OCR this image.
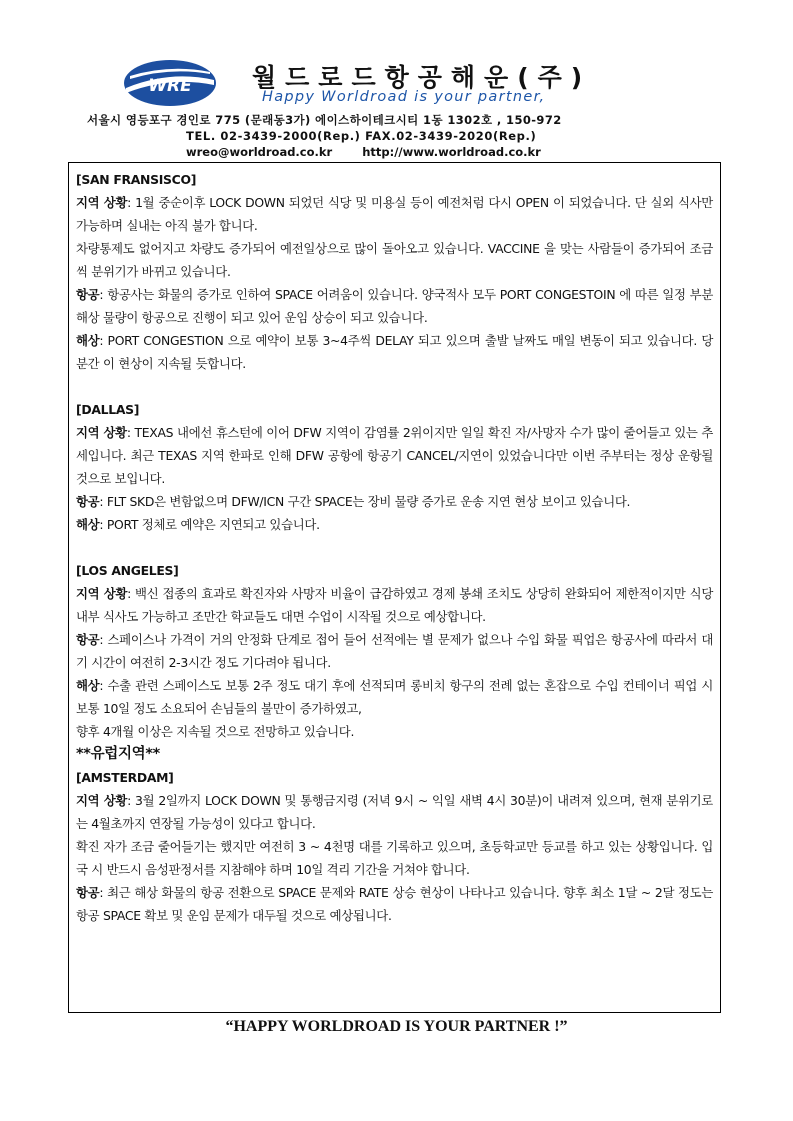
WRE 월드로드항공해운(주)
Happy Worldroad is your partner,
서울시 영등포구 경인로 775 (문래동3가) 에이스하이테크시티 1동 1302호 , 150-972
TEL. 02-3439-2000(Rep.) FAX.02-3439-2020(Rep.)
wreo@worldroad.co.kr	http://www.worldroad.co.kr

[SAN FRANSISCO]

지역 상황: 1월 중순이후 LOCK DOWN 되었던 식당 및 미용실 등이 예전처럼 다시 OPEN 이 되었습니다. 단 실외 식사만 가능하며 실내는 아직 불가 합니다.

차량통제도 없어지고 차량도 증가되어 예전일상으로 많이 돌아오고 있습니다. VACCINE 을 맞는 사람들이 증가되어 조금씩 분위기가 바뀌고 있습니다.

항공: 항공사는 화물의 증가로 인하여 SPACE 어려움이 있습니다. 양국적사 모두 PORT CONGESTOIN 에 따른 일정 부분 해상 물량이 항공으로 진행이 되고 있어 운임 상승이 되고 있습니다.

해상: PORT CONGESTION 으로 예약이 보통 3~4주씩 DELAY 되고 있으며 출발 날짜도 매일 변동이 되고 있습니다. 당분간 이 현상이 지속될 듯합니다.

[DALLAS]

지역 상황: TEXAS 내에선 휴스턴에 이어 DFW 지역이 감염률 2위이지만 일일 확진 자/사망자 수가 많이 줄어들고 있는 추세입니다. 최근 TEXAS 지역 한파로 인해 DFW 공항에 항공기 CANCEL/지연이 있었습니다만 이번 주부터는 정상 운항될 것으로 보입니다.

항공: FLT SKD은 변함없으며 DFW/ICN 구간 SPACE는 장비 물량 증가로 운송 지연 현상 보이고 있습니다.

해상: PORT 정체로 예약은 지연되고 있습니다.

[LOS ANGELES]

지역 상황: 백신 접종의 효과로 확진자와 사망자 비율이 급감하였고 경제 봉쇄 조치도 상당히 완화되어 제한적이지만 식당 내부 식사도 가능하고 조만간 학교들도 대면 수업이 시작될 것으로 예상합니다.

항공: 스페이스나 가격이 거의 안정화 단계로 접어 들어 선적에는 별 문제가 없으나 수입 화물 픽업은 항공사에 따라서 대기 시간이 여전히 2-3시간 정도 기다려야 됩니다.

해상: 수출 관련 스페이스도 보통 2주 정도 대기 후에 선적되며 롱비치 항구의 전례 없는 혼잡으로 수입 컨테이너 픽업 시 보통 10일 정도 소요되어 손님들의 불만이 증가하였고,

향후 4개월 이상은 지속될 것으로 전망하고 있습니다.

**유럽지역**

[AMSTERDAM]

지역 상황: 3월 2일까지 LOCK DOWN 및 통행금지령 (저녁 9시 ~ 익일 새벽 4시 30분)이 내려져 있으며, 현재 분위기로는 4월초까지 연장될 가능성이 있다고 합니다.

확진 자가 조금 줄어들기는 했지만 여전히 3 ~ 4천명 대를 기록하고 있으며, 초등학교만 등교를 하고 있는 상황입니다. 입국 시 반드시 음성판정서를 지참해야 하며 10일 격리 기간을 거쳐야 합니다.

항공: 최근 해상 화물의 항공 전환으로 SPACE 문제와 RATE 상승 현상이 나타나고 있습니다. 향후 최소 1달 ~ 2달 정도는 항공 SPACE 확보 및 운임 문제가 대두될 것으로 예상됩니다.

“HAPPY WORLDROAD IS YOUR PARTNER !”
